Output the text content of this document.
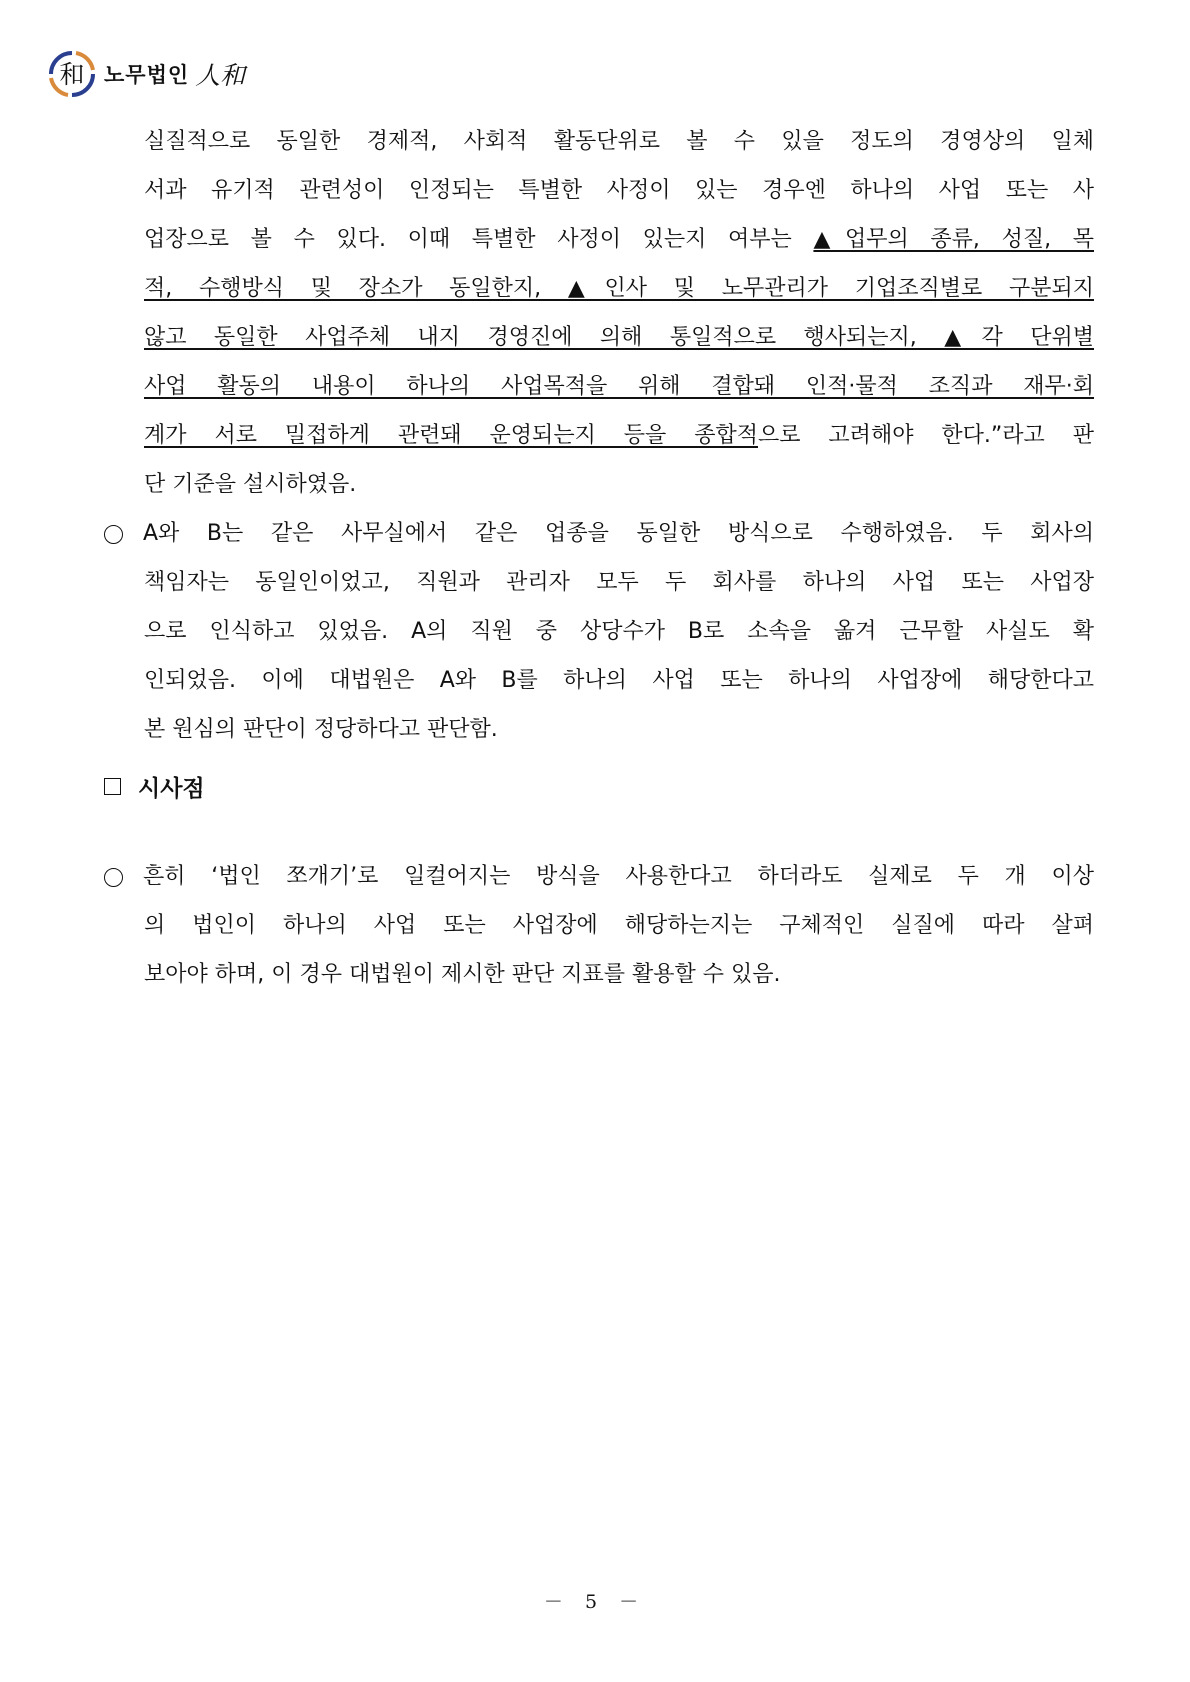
和 노무법인 人和
실질적으로 동일한 경제적, 사회적 활동단위로 볼 수 있을 정도의 경영상의 일체
서과 유기적 관련성이 인정되는 특별한 사정이 있는 경우엔 하나의 사업 또는 사
업장으로 볼 수 있다. 이때 특별한 사정이 있는지 여부는 ▲업무의 종류, 성질, 목
적, 수행방식 및 장소가 동일한지, ▲인사 및 노무관리가 기업조직별로 구분되지
않고 동일한 사업주체 내지 경영진에 의해 통일적으로 행사되는지, ▲각 단위별
사업 활동의 내용이 하나의 사업목적을 위해 결합돼 인적·물적 조직과 재무·회
계가 서로 밀접하게 관련돼 운영되는지 등을 종합적으로 고려해야 한다.”라고 판
단 기준을 설시하였음.
A와 B는 같은 사무실에서 같은 업종을 동일한 방식으로 수행하였음. 두 회사의
책임자는 동일인이었고, 직원과 관리자 모두 두 회사를 하나의 사업 또는 사업장
으로 인식하고 있었음. A의 직원 중 상당수가 B로 소속을 옮겨 근무할 사실도 확
인되었음. 이에 대법원은 A와 B를 하나의 사업 또는 하나의 사업장에 해당한다고
본 원심의 판단이 정당하다고 판단함.
시사점
흔히 ‘법인 쪼개기’로 일컬어지는 방식을 사용한다고 하더라도 실제로 두 개 이상
의 법인이 하나의 사업 또는 사업장에 해당하는지는 구체적인 실질에 따라 살펴
보아야 하며, 이 경우 대법원이 제시한 판단 지표를 활용할 수 있음.
－ 5 －
